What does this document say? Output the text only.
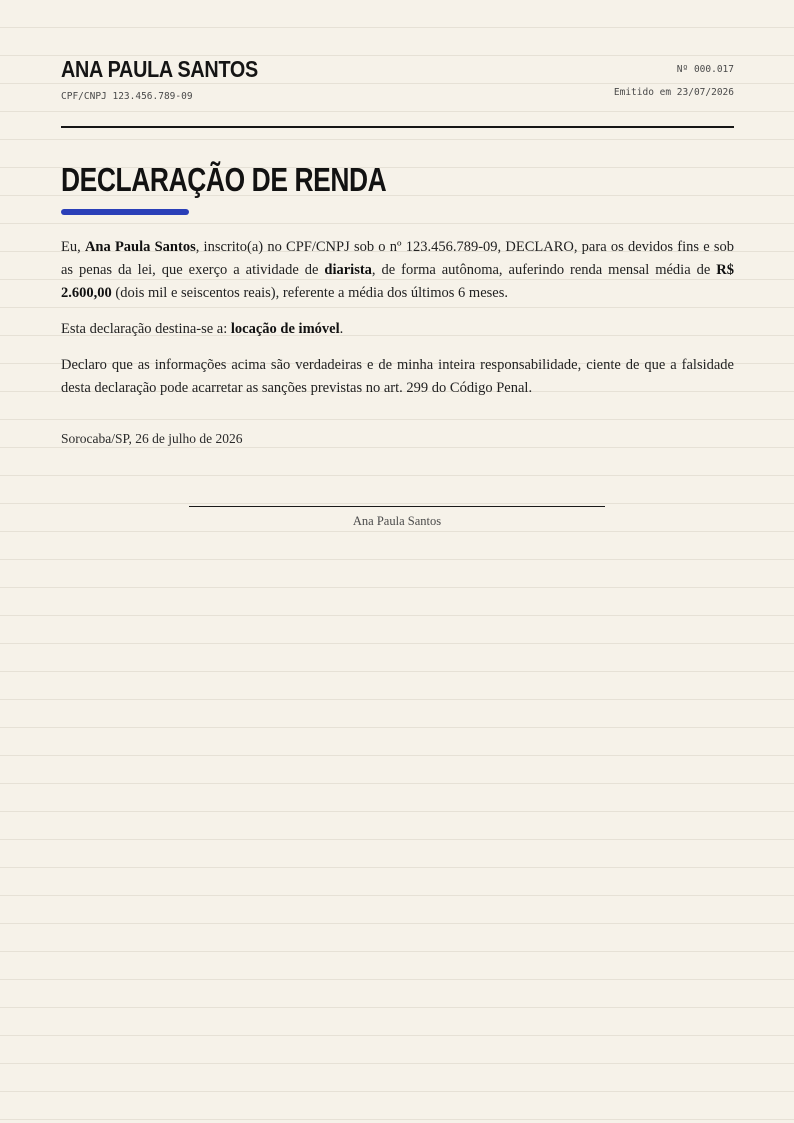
ANA PAULA SANTOS
CPF/CNPJ 123.456.789-09
Nº 000.017
Emitido em 23/07/2026
DECLARAÇÃO DE RENDA

Eu, Ana Paula Santos, inscrito(a) no CPF/CNPJ sob o nº 123.456.789-09, DECLARO, para os devidos fins e sob as penas da lei, que exerço a atividade de diarista, de forma autônoma, auferindo renda mensal média de R$ 2.600,00 (dois mil e seiscentos reais), referente a média dos últimos 6 meses.

Esta declaração destina-se a: locação de imóvel.

Declaro que as informações acima são verdadeiras e de minha inteira responsabilidade, ciente de que a falsidade desta declaração pode acarretar as sanções previstas no art. 299 do Código Penal.

Sorocaba/SP, 26 de julho de 2026
Ana Paula Santos
